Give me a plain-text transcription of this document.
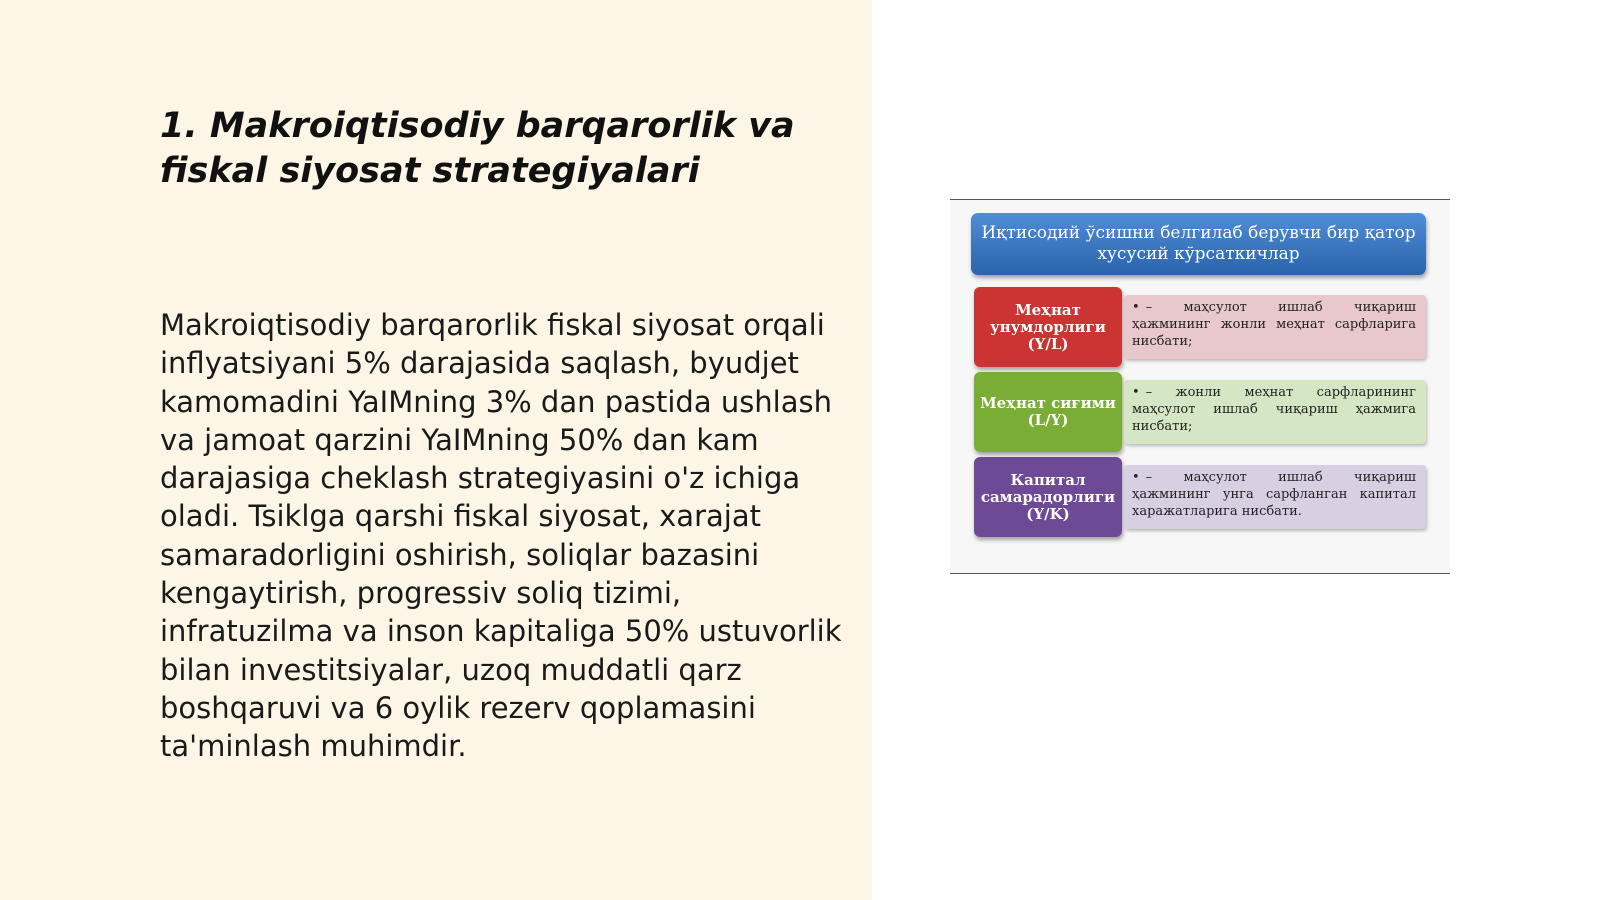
1. Makroiqtisodiy barqarorlik va fiskal siyosat strategiyalari

Makroiqtisodiy barqarorlik fiskal siyosat orqali inflyatsiyani 5% darajasida saqlash, byudjet kamomadini YaIMning 3% dan pastida ushlash va jamoat qarzini YaIMning 50% dan kam darajasiga cheklash strategiyasini o'z ichiga oladi. Tsiklga qarshi fiskal siyosat, xarajat samaradorligini oshirish, soliqlar bazasini kengaytirish, progressiv soliq tizimi, infratuzilma va inson kapitaliga 50% ustuvorlik bilan investitsiyalar, uzoq muddatli qarz boshqaruvi va 6 oylik rezerv qoplamasini ta'minlash muhimdir.

Иқтисодий ўсишни белгилаб берувчи бир қатор хусусий кўрсаткичлар
Меҳнат унумдорлиги (Y/L)
• – маҳсулот ишлаб чиқариш ҳажмининг жонли меҳнат сарфларига нисбати;
Меҳнат сиғими (L/Y)
• – жонли меҳнат сарфларининг маҳсулот ишлаб чиқариш ҳажмига нисбати;
Капитал самарадорлиги (Y/K)
• – маҳсулот ишлаб чиқариш ҳажмининг унга сарфланган капитал харажатларига нисбати.
